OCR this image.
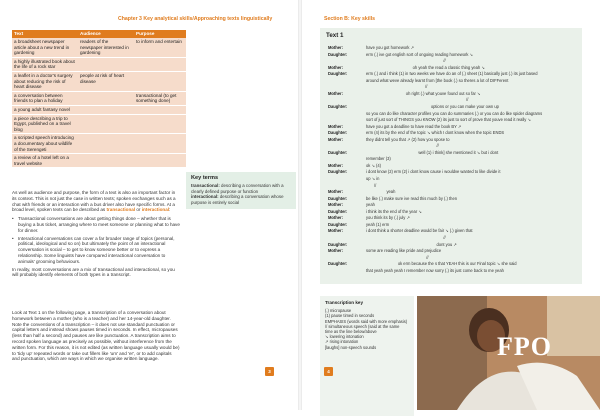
Chapter 3 Key analytical skills/Approaching texts linguistically
Text	Audience	Purpose
a broadsheet newspaper article about a new trend in gardening	readers of the newspaper interested in gardening	to inform and entertain
a highly illustrated book about the life of a rock star		
a leaflet in a doctor's surgery about reducing the risk of heart disease	people at risk of heart disease	
a conversation between friends to plan a holiday		transactional (to get something done)
a young adult fantasy novel		
a piece describing a trip to Egypt, published on a travel blog		
a scripted speech introducing a documentary about wildlife of the Serengeti		
a review of a hotel left on a travel website		

As well as audience and purpose, the form of a text is also an important factor in its context. This is not just the case in written texts; spoken exchanges such as a chat with friends or an interaction with a bus driver also have specific forms. At a broad level, spoken texts can be described as transactional or interactional:

• Transactional conversations are about getting things done – whether that is buying a bus ticket, arranging where to meet someone or planning what to have for dinner.
• Interactional conversations can cover a far broader range of topics (personal, political, ideological and so on) but ultimately the point of an interactional conversation is social – to get to know someone better or to express a relationship. Some linguists have compared interactional conversation to animals' grooming behaviours.

In reality, most conversations are a mix of transactional and interactional, so you will probably identify elements of both types in a transcript.

Look at Text 1 on the following page, a transcription of a conversation about homework between a mother (who is a teacher) and her 14-year-old daughter. Note the conventions of a transcription – it does not use standard punctuation or capital letters and instead shows pauses timed in seconds. In effect, micropauses (less than half a second) and pauses are like punctuation. A transcription aims to record spoken language as precisely as possible, without interference from the written form. For this reason, it is not edited (as written language usually would be) to 'tidy up' repeated words or take out fillers like 'um' and 'er', or to add capitals and punctuation, which are ways in which we organise written language.

Key terms
transactional: describing a conversation with a clearly defined purpose or function
interactional: describing a conversation whose purpose is entirely social
3
Section B: Key skills
Text 1
Mother:	have you got homework ↗
Daughter:	erm (.) ive got english sort of ongoing reading homework ↘
//
Mother:	oh yeah the read a classic thing yeah ↘
Daughter:	erm (.) and i think (1) in two weeks we have do an of (.) sheet (1) basically just (.) its just based
around what weve already learnt from [the book (.) so theres a lot of DIFFerent
//
Mother:	oh right (.) what youve found out so far ↘
//
Daughter:	options or you can make your own up
so you can do like character profiles you can do summaries (.) or you can do like spider diagrams
sort of just sort of THINGS you KNOW (2) its just to sort of prove that youve read it really ↘
Mother:	have you got a deadline to have read the book BY ↗
Daughter:	erm (4) its by the end of the topic ↘ which I dont know when the topic ENDS
Mother:	they didnt tell you that ↗ (2) how you spose to
//
Daughter:	well (1) i think] she mentioned it ↘ but i dont
remember (3)
Mother:	ok ↘ (4)
Daughter:	i dont know (2) erm (2) i dont know cause i wouldve wanted to like divide it
up ↘ in
//
Mother:	yeah
Daughter:	be like (.) make sure ive read this much by (.) then
Mother:	yeah
Daughter:	i think its the end of the year ↘
Mother:	you think its by (.) july ↗
Daughter:	yeah (1) erm
Mother:	i dont think a shorter deadline would be fair ↘ (.) given that
//
Daughter:	dont you ↗
Mother:	some are reading like pride and prejudice
//
Daughter:	ok erm because the s that YEAH this is our Final topic ↘ she said
that yeah yeah yeah I remember now sorry (.) its just come back to me yeah
Transcription key
(.) micropause
(1) pause timed in seconds
EMPHASIS (words said with more emphasis)
// simultaneous speech (said at the same
time as the line below/above
↘ lowering intonation
↗ rising intonation
[laughs] non-speech sounds	FPO
4
